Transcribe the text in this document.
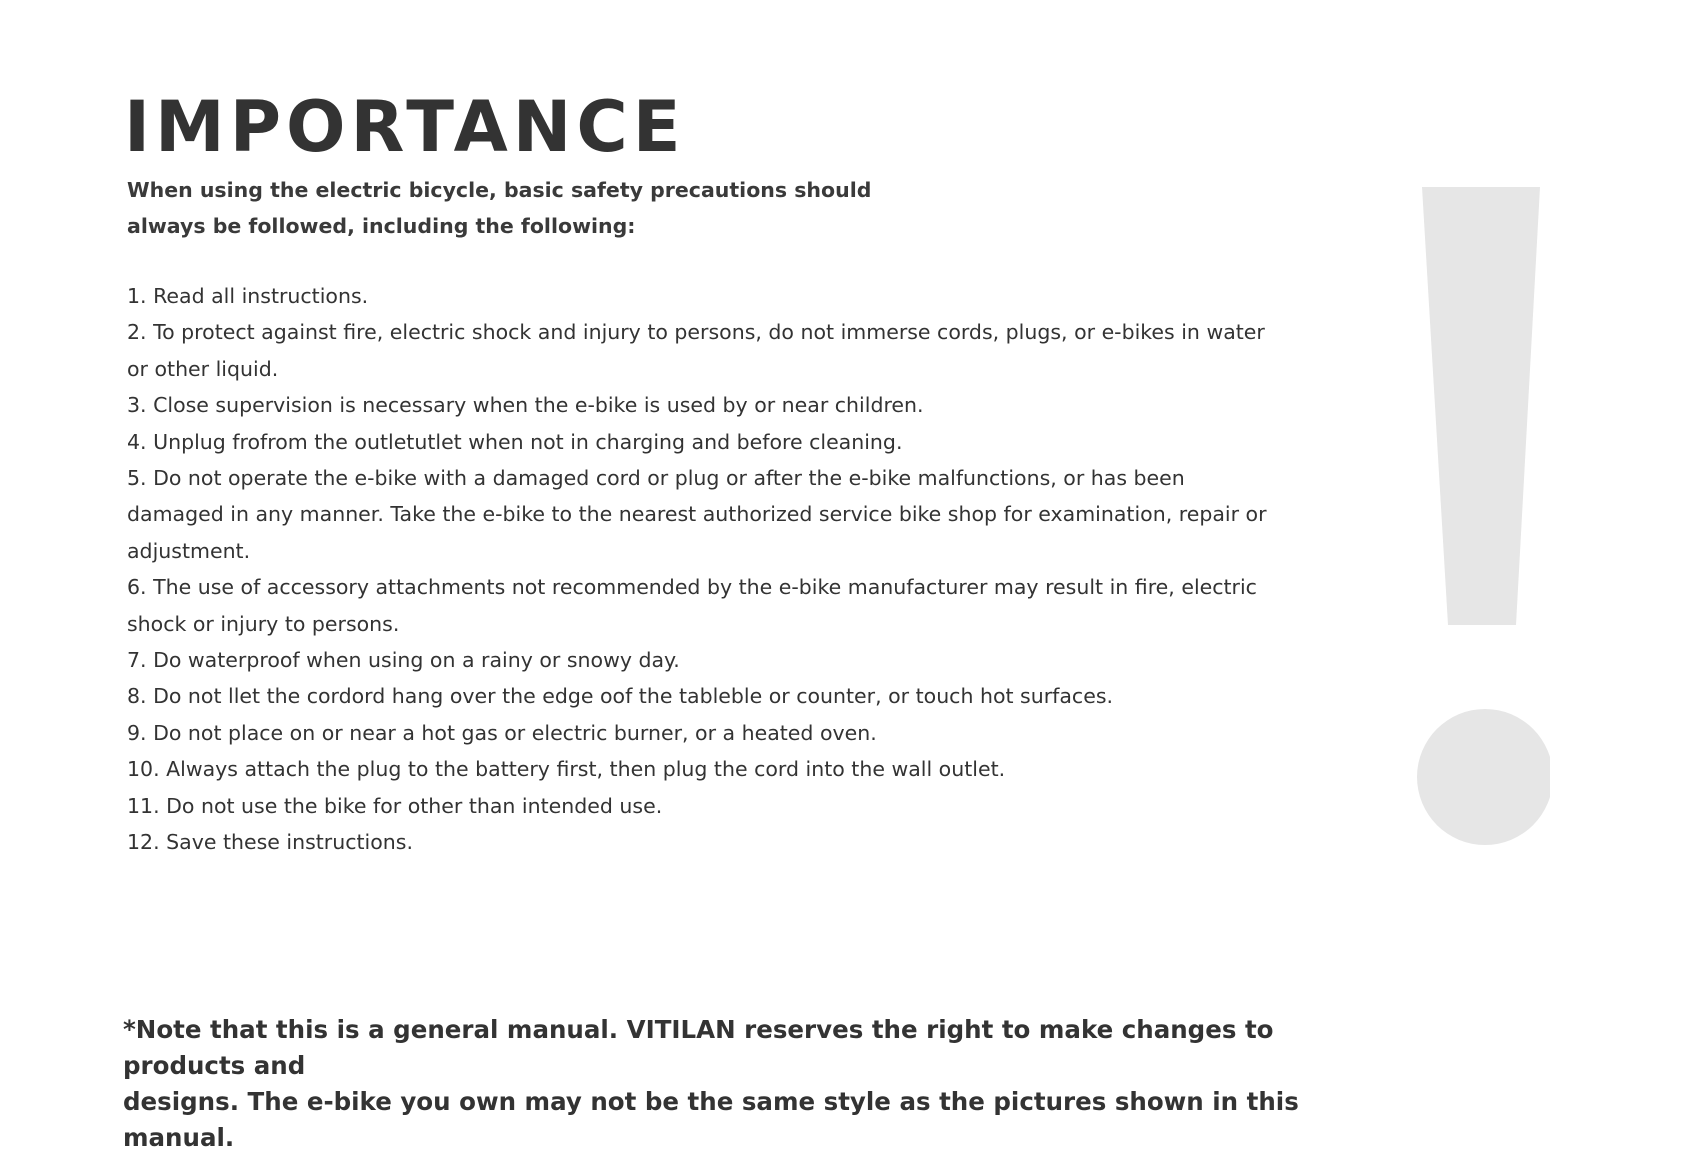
IMPORTANCE

When using the electric bicycle, basic safety precautions should
always be followed, including the following:

1. Read all instructions.
2. To protect against fire, electric shock and injury to persons, do not immerse cords, plugs, or e-bikes in water or other liquid.
3. Close supervision is necessary when the e-bike is used by or near children.
4. Unplug frofrom the outletutlet when not in charging and before cleaning.
5. Do not operate the e-bike with a damaged cord or plug or after the e-bike malfunctions, or has been damaged in any manner. Take the e-bike to the nearest authorized service bike shop for examination, repair or adjustment.
6. The use of accessory attachments not recommended by the e-bike manufacturer may result in fire, electric shock or injury to persons.
7. Do waterproof when using on a rainy or snowy day.
8. Do not llet the cordord hang over the edge oof the tableble or counter, or touch hot surfaces.
9. Do not place on or near a hot gas or electric burner, or a heated oven.
10. Always attach the plug to the battery first, then plug the cord into the wall outlet.
11. Do not use the bike for other than intended use.
12. Save these instructions.

*Note that this is a general manual. VITILAN reserves the right to make changes to products and
designs. The e-bike you own may not be the same style as the pictures shown in this manual.
